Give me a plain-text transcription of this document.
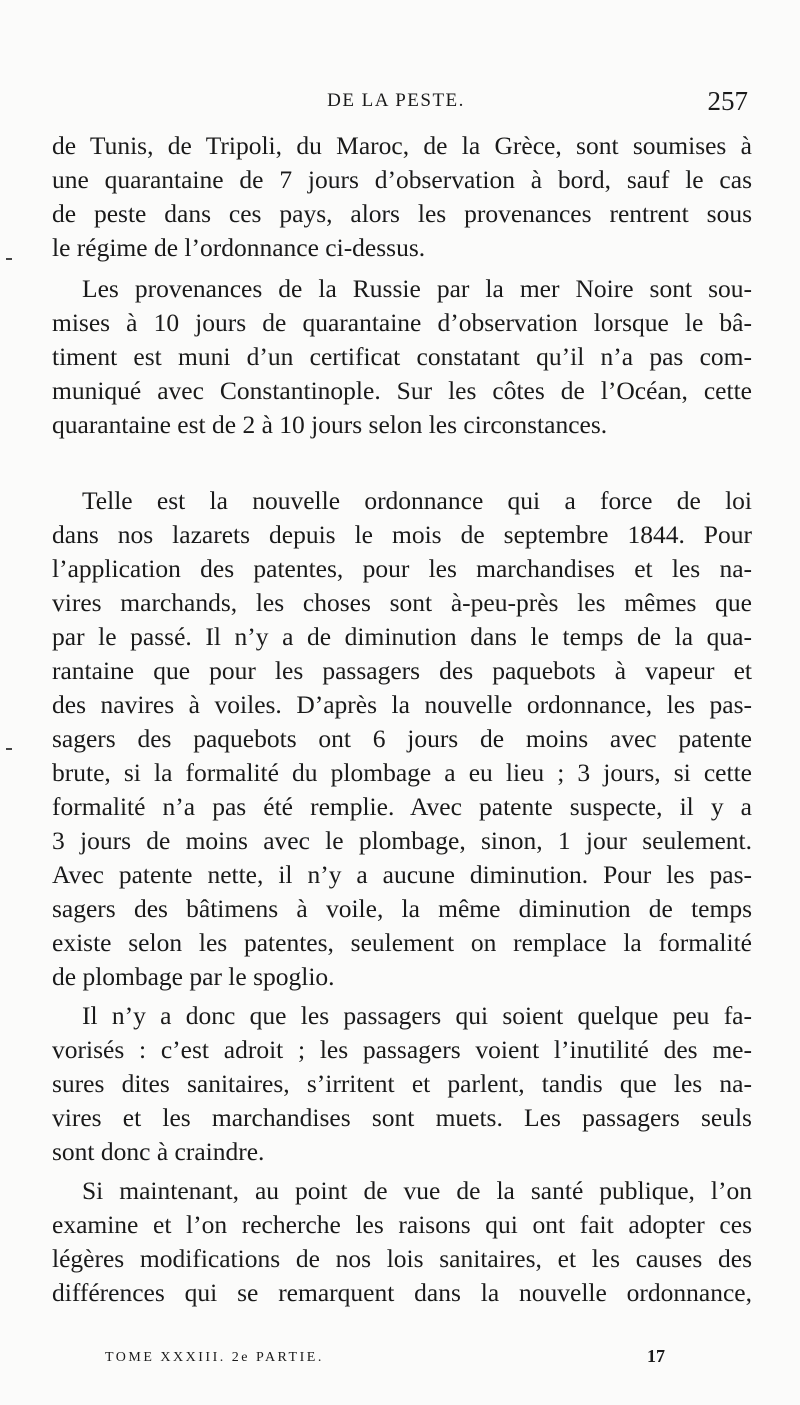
DE LA PESTE.	257
de Tunis, de Tripoli, du Maroc, de la Grèce, sont soumises à
une quarantaine de 7 jours d’observation à bord, sauf le cas
de peste dans ces pays, alors les provenances rentrent sous
le régime de l’ordonnance ci-dessus.
Les provenances de la Russie par la mer Noire sont sou-
mises à 10 jours de quarantaine d’observation lorsque le bâ-
timent est muni d’un certificat constatant qu’il n’a pas com-
muniqué avec Constantinople. Sur les côtes de l’Océan, cette
quarantaine est de 2 à 10 jours selon les circonstances.
Telle est la nouvelle ordonnance qui a force de loi
dans nos lazarets depuis le mois de septembre 1844. Pour
l’application des patentes, pour les marchandises et les na-
vires marchands, les choses sont à-peu-près les mêmes que
par le passé. Il n’y a de diminution dans le temps de la qua-
rantaine que pour les passagers des paquebots à vapeur et
des navires à voiles. D’après la nouvelle ordonnance, les pas-
sagers des paquebots ont 6 jours de moins avec patente
brute, si la formalité du plombage a eu lieu ; 3 jours, si cette
formalité n’a pas été remplie. Avec patente suspecte, il y a
3 jours de moins avec le plombage, sinon, 1 jour seulement.
Avec patente nette, il n’y a aucune diminution. Pour les pas-
sagers des bâtimens à voile, la même diminution de temps
existe selon les patentes, seulement on remplace la formalité
de plombage par le spoglio.
Il n’y a donc que les passagers qui soient quelque peu fa-
vorisés : c’est adroit ; les passagers voient l’inutilité des me-
sures dites sanitaires, s’irritent et parlent, tandis que les na-
vires et les marchandises sont muets. Les passagers seuls
sont donc à craindre.
Si maintenant, au point de vue de la santé publique, l’on
examine et l’on recherche les raisons qui ont fait adopter ces
légères modifications de nos lois sanitaires, et les causes des
différences qui se remarquent dans la nouvelle ordonnance,
TOME XXXIII. 2e PARTIE.	17
